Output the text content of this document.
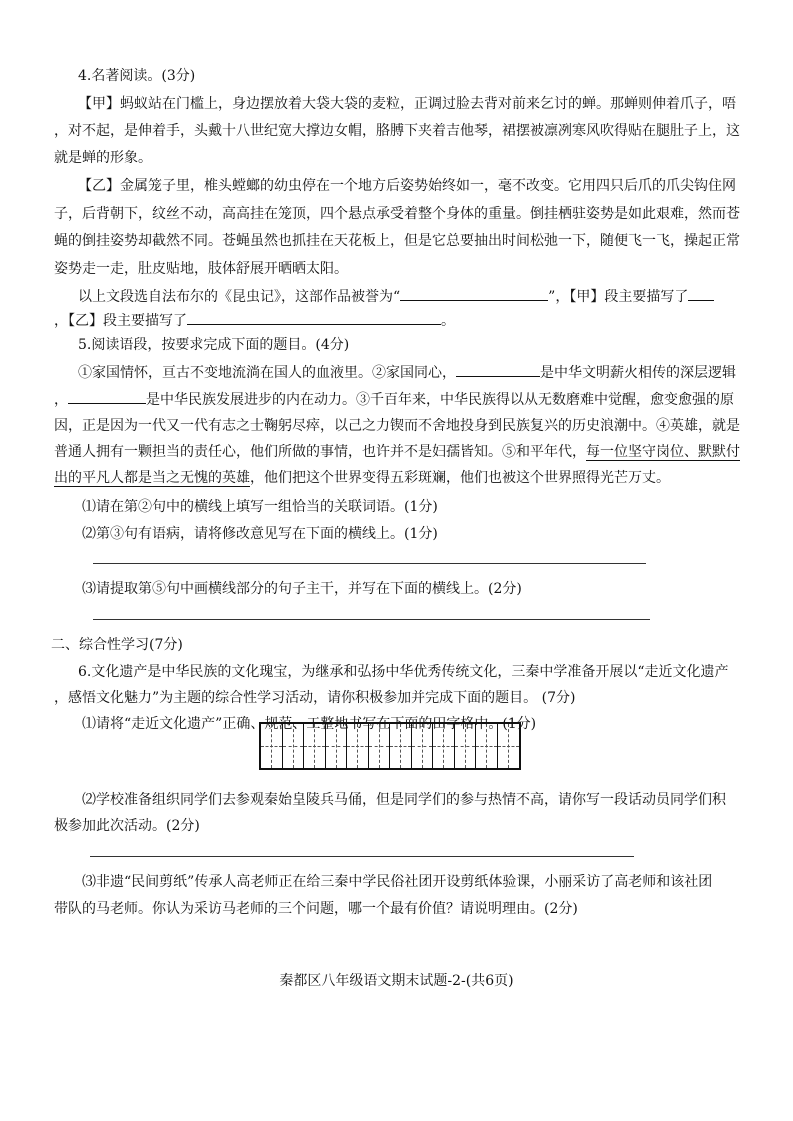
4.名著阅读。(3分)
【甲】蚂蚁站在门槛上，身边摆放着大袋大袋的麦粒，正调过脸去背对前来乞讨的蝉。那蝉则伸着爪子，唔
，对不起，是伸着手，头戴十八世纪宽大撑边女帽，胳膊下夹着吉他琴，裙摆被凛冽寒风吹得贴在腿肚子上，这
就是蝉的形象。
【乙】金属笼子里，椎头螳螂的幼虫停在一个地方后姿势始终如一，毫不改变。它用四只后爪的爪尖钩住网
子，后背朝下，纹丝不动，高高挂在笼顶，四个悬点承受着整个身体的重量。倒挂栖驻姿势是如此艰难，然而苍
蝇的倒挂姿势却截然不同。苍蝇虽然也抓挂在天花板上，但是它总要抽出时间松弛一下，随便飞一飞，操起正常
姿势走一走，肚皮贴地，肢体舒展开晒晒太阳。
以上文段选自法布尔的《昆虫记》，这部作品被誉为“	”，【甲】段主要描写了
，【乙】段主要描写了	。
5.阅读语段，按要求完成下面的题目。(4分)
①家国情怀，亘古不变地流淌在国人的血液里。②家国同心，	是中华文明薪火相传的深层逻辑
，	是中华民族发展进步的内在动力。③千百年来，中华民族得以从无数磨难中觉醒，愈变愈强的原
因，正是因为一代又一代有志之士鞠躬尽瘁，以己之力锲而不舍地投身到民族复兴的历史浪潮中。④英雄，就是
普通人拥有一颗担当的责任心，他们所做的事情，也许并不是妇孺皆知。⑤和平年代，每一位坚守岗位、默默付
出的平凡人都是当之无愧的英雄，他们把这个世界变得五彩斑斓，他们也被这个世界照得光芒万丈。
⑴请在第②句中的横线上填写一组恰当的关联词语。(1分)
⑵第③句有语病，请将修改意见写在下面的横线上。(1分)
⑶请提取第⑤句中画横线部分的句子主干，并写在下面的横线上。(2分)
二、综合性学习(7分)
6.文化遗产是中华民族的文化瑰宝，为继承和弘扬中华优秀传统文化，三秦中学准备开展以“走近文化遗产
，感悟文化魅力”为主题的综合性学习活动，请你积极参加并完成下面的题目。 (7分)
⑴请将“走近文化遗产”正确、规范、工整地书写在下面的田字格中。(1分)
⑵学校准备组织同学们去参观秦始皇陵兵马俑，但是同学们的参与热情不高，请你写一段话动员同学们积
极参加此次活动。(2分)
⑶非遗“民间剪纸”传承人高老师正在给三秦中学民俗社团开设剪纸体验课，小丽采访了高老师和该社团
带队的马老师。你认为采访马老师的三个问题，哪一个最有价值？请说明理由。(2分)
秦都区八年级语文期末试题-2-(共6页)
